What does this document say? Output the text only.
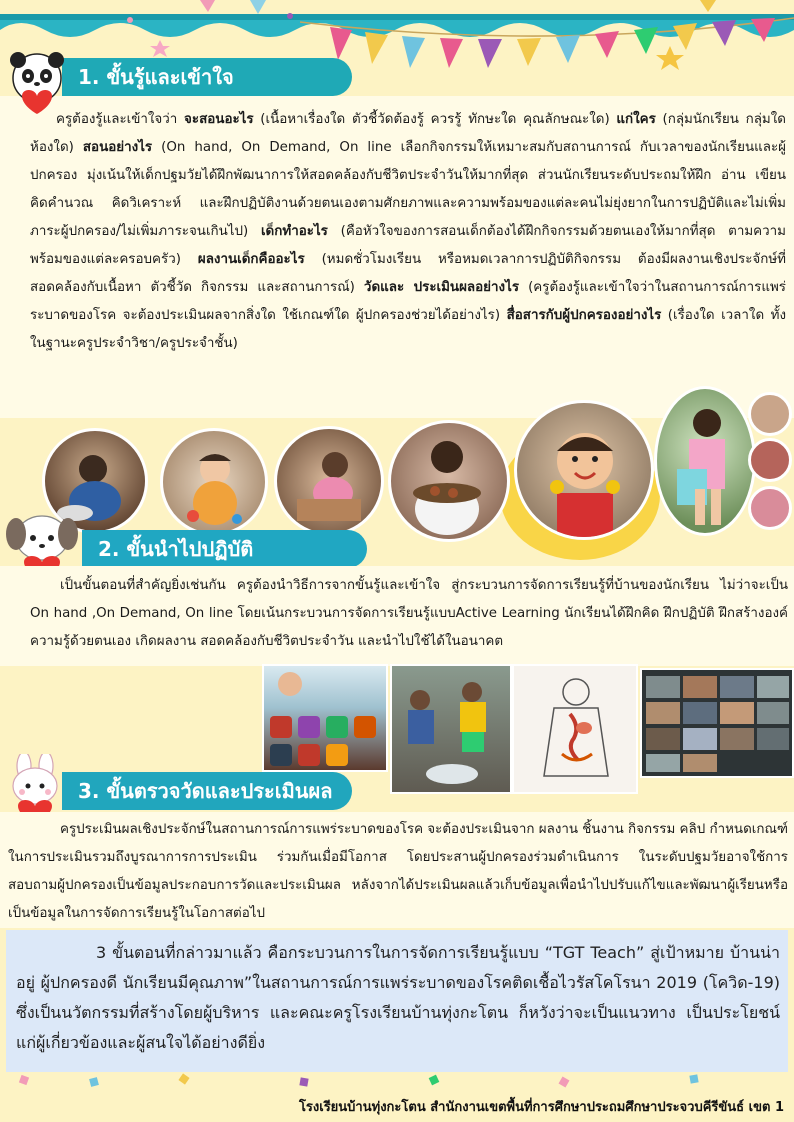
1. ขั้นรู้และเข้าใจ
ครูต้องรู้และเข้าใจว่า จะสอนอะไร (เนื้อหาเรื่องใด ตัวชี้วัดต้องรู้ ควรรู้ ทักษะใด คุณลักษณะใด) แก่ใคร (กลุ่มนักเรียน กลุ่มใด ห้องใด) สอนอย่างไร (On hand, On Demand, On line เลือกกิจกรรมให้เหมาะสมกับสถานการณ์ กับเวลาของนักเรียนและผู้ปกครอง มุ่งเน้นให้เด็กปฐมวัยได้ฝึกพัฒนาการให้สอดคล้องกับชีวิตประจำวันให้มากที่สุด ส่วนนักเรียนระดับประถมให้ฝึก อ่าน เขียน คิดคำนวณ คิดวิเคราะห์ และฝึกปฏิบัติงานด้วยตนเองตามศักยภาพและความพร้อมของแต่ละคนไม่ยุ่งยากในการปฏิบัติและไม่เพิ่มภาระผู้ปกครอง/ไม่เพิ่มภาระจนเกินไป) เด็กทำอะไร (คือหัวใจของการสอนเด็กต้องได้ฝึกกิจกรรมด้วยตนเองให้มากที่สุด ตามความพร้อมของแต่ละครอบครัว) ผลงานเด็กคืออะไร (หมดชั่วโมงเรียน หรือหมดเวลาการปฏิบัติกิจกรรม ต้องมีผลงานเชิงประจักษ์ที่สอดคล้องกับเนื้อหา ตัวชี้วัด กิจกรรม และสถานการณ์) วัดและ ประเมินผลอย่างไร (ครูต้องรู้และเข้าใจว่าในสถานการณ์การแพร่ระบาดของโรค จะต้องประเมินผลจากสิ่งใด ใช้เกณฑ์ใด ผู้ปกครองช่วยได้อย่างไร) สื่อสารกับผู้ปกครองอย่างไร (เรื่องใด เวลาใด ทั้งในฐานะครูประจำวิชา/ครูประจำชั้น)
2. ขั้นนำไปปฏิบัติ
เป็นขั้นตอนที่สำคัญยิ่งเช่นกัน ครูต้องนำวิธีการจากขั้นรู้และเข้าใจ สู่กระบวนการจัดการเรียนรู้ที่บ้านของนักเรียน ไม่ว่าจะเป็น On hand ,On Demand, On line โดยเน้นกระบวนการจัดการเรียนรู้แบบActive Learning นักเรียนได้ฝึกคิด ฝึกปฏิบัติ ฝึกสร้างองค์ความรู้ด้วยตนเอง เกิดผลงาน สอดคล้องกับชีวิตประจำวัน และนำไปใช้ได้ในอนาคต
3. ขั้นตรวจวัดและประเมินผล
ครูประเมินผลเชิงประจักษ์ในสถานการณ์การแพร่ระบาดของโรค จะต้องประเมินจาก ผลงาน ชิ้นงาน กิจกรรม คลิป กำหนดเกณฑ์ในการประเมินรวมถึงบูรณาการการประเมิน ร่วมกันเมื่อมีโอกาส โดยประสานผู้ปกครองร่วมดำเนินการ ในระดับปฐมวัยอาจใช้การสอบถามผู้ปกครองเป็นข้อมูลประกอบการวัดและประเมินผล หลังจากได้ประเมินผลแล้วเก็บข้อมูลเพื่อนำไปปรับแก้ไขและพัฒนาผู้เรียนหรือเป็นข้อมูลในการจัดการเรียนรู้ในโอกาสต่อไป
3 ขั้นตอนที่กล่าวมาแล้ว คือกระบวนการในการจัดการเรียนรู้แบบ “TGT Teach” สู่เป้าหมาย บ้านน่าอยู่ ผู้ปกครองดี นักเรียนมีคุณภาพ”ในสถานการณ์การแพร่ระบาดของโรคติดเชื้อไวรัสโคโรนา 2019 (โควิด-19) ซึ่งเป็นนวัตกรรมที่สร้างโดยผู้บริหาร และคณะครูโรงเรียนบ้านทุ่งกะโตน ก็หวังว่าจะเป็นแนวทาง เป็นประโยชน์แก่ผู้เกี่ยวข้องและผู้สนใจได้อย่างดียิ่ง
โรงเรียนบ้านทุ่งกะโตน สำนักงานเขตพื้นที่การศึกษาประถมศึกษาประจวบคีรีขันธ์ เขต 1
